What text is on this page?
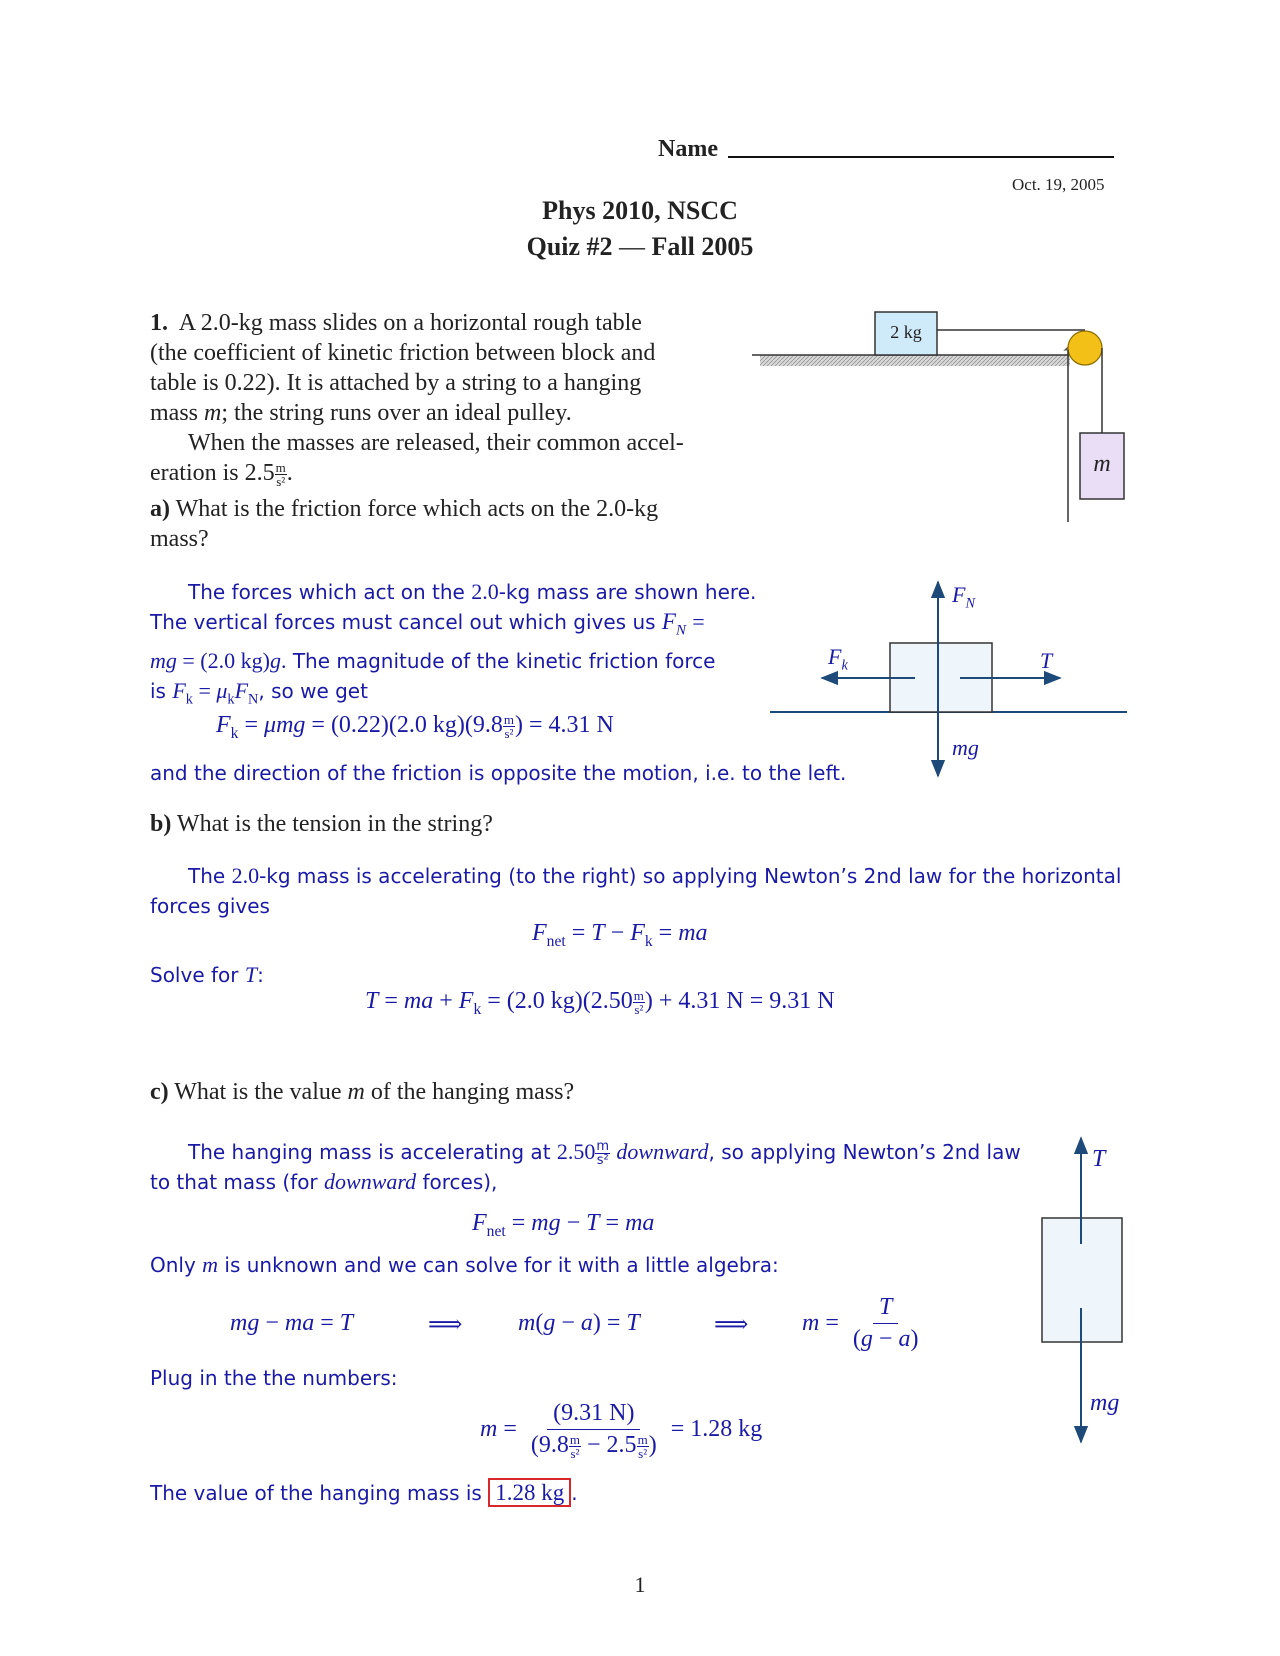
Name
Oct. 19, 2005
Phys 2010, NSCC
Quiz #2 — Fall 2005
1. A 2.0-kg mass slides on a horizontal rough table
(the coefficient of kinetic friction between block and
table is 0.22). It is attached by a string to a hanging
mass m; the string runs over an ideal pulley.
When the masses are released, their common accel-
eration is $2.5 \frac{m}{\text{s²}}$ .
a) What is the friction force which acts on the 2.0-kg
mass?
2 kg
m
The forces which act on the 2.0-kg mass are shown here.
The vertical forces must cancel out which gives us $F_N$ =
mg = (2.0 kg)g. The magnitude of the kinetic friction force
is $F_k = \mu_kF_N$, so we get
$F_k = \mu mg = (0.22)(2.0$ $kg)(9.8 \frac{m}{\text{s²}}$ ) = 4.31 N
and the direction of the friction is opposite the motion, i.e. to the left.
$F_N$
$F_k$	T
mg
b) What is the tension in the string?
The 2.0-kg mass is accelerating (to the right) so applying Newton’s 2nd law for the horizontal
forces gives
$F_{net} = T - F_k$ = ma
Solve for T:
T = ma + $F_k = (2.0$ $kg)(2.50 \frac{m}{\text{s²}}$ ) + 4.31 N = 9.31 N
c) What is the value m of the hanging mass?
The hanging mass is accelerating at $2.50 \frac{m}{\text{s²}}$ downward, so applying Newton’s 2nd law
to that mass (for downward forces),
$F_{net}$ = mg − T = ma
Only m is unknown and we can solve for it with a little algebra:
mg − ma = T	⟹ m(g − a) = T	⟹ $m = \frac{T}{(g - a)}$
Plug in the the numbers:
$m = \frac{(9.31 N)}{(9.8 \frac{m}{\text{s²}} - 2.5 \frac{m}{\text{s²}} )}$
= 1.28 kg
The value of the hanging mass is 1.28 kg .
T
mg
1
